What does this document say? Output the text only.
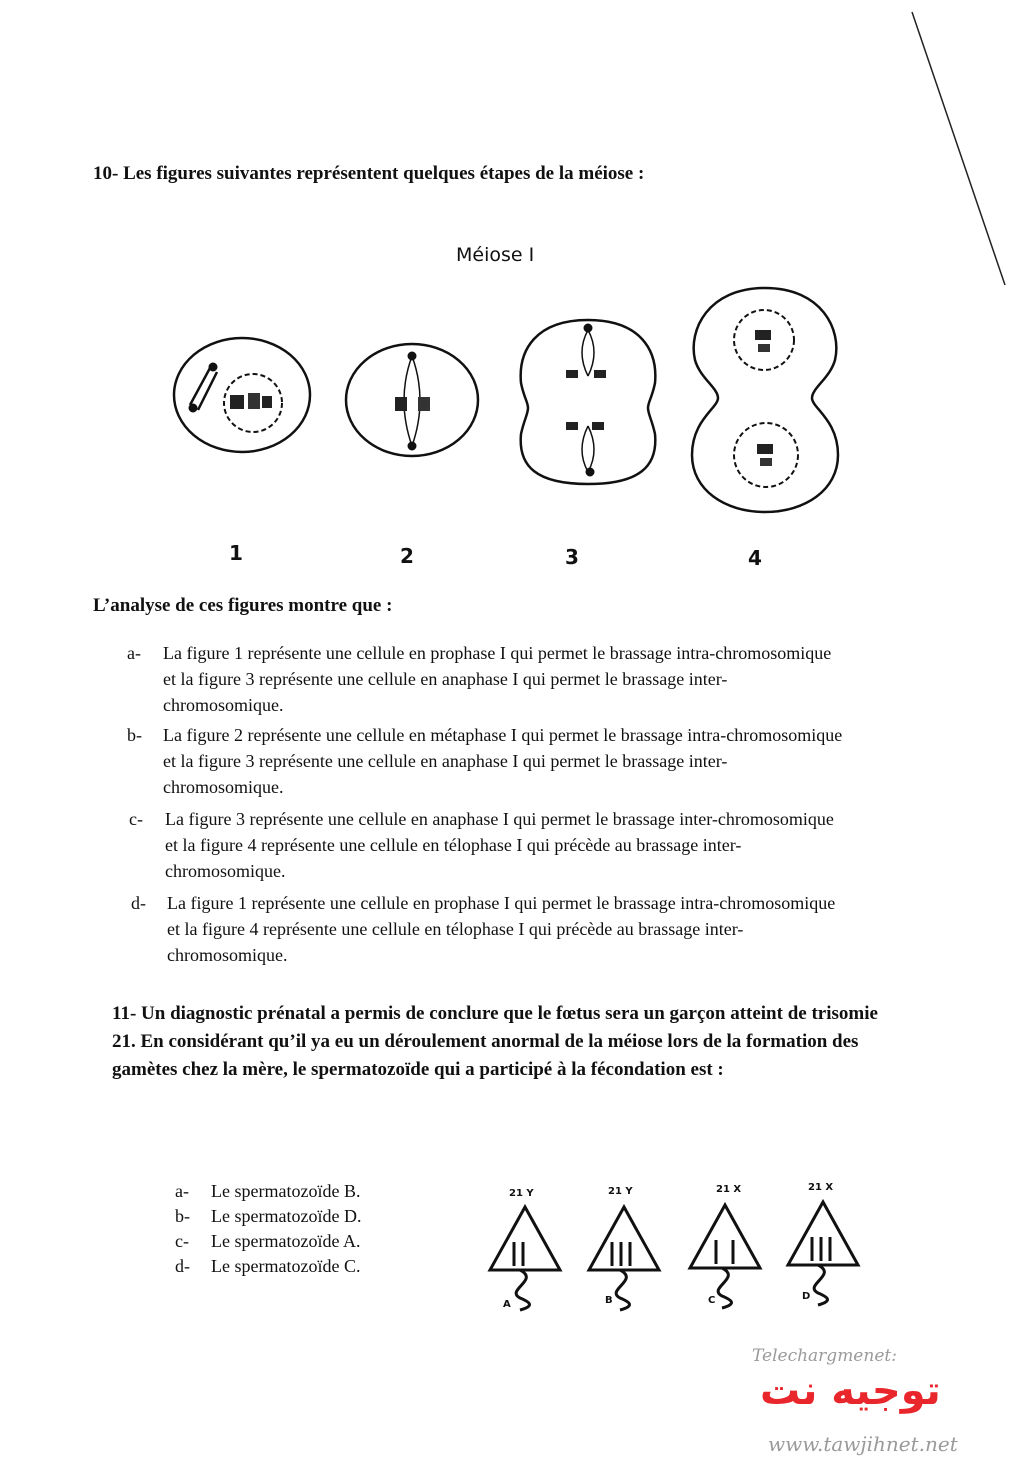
10- Les figures suivantes représentent quelques étapes de la méiose :
Méiose I
1	2	3	4
L’analyse de ces figures montre que :
a- La figure 1 représente une cellule en prophase I qui permet le brassage intra-chromosomique et la figure 3 représente une cellule en anaphase I qui permet le brassage inter-chromosomique.
b- La figure 2 représente une cellule en métaphase I qui permet le brassage intra-chromosomique et la figure 3 représente une cellule en anaphase I qui permet le brassage inter-chromosomique.
c- La figure 3 représente une cellule en anaphase I qui permet le brassage inter-chromosomique et la figure 4 représente une cellule en télophase I qui précède au brassage inter-chromosomique.
d- La figure 1 représente une cellule en prophase I qui permet le brassage intra-chromosomique et la figure 4 représente une cellule en télophase I qui précède au brassage inter-chromosomique.
11- Un diagnostic prénatal a permis de conclure que le fœtus sera un garçon atteint de trisomie 21. En considérant qu’il ya eu un déroulement anormal de la méiose lors de la formation des gamètes chez la mère, le spermatozoïde qui a participé à la fécondation est :
a- Le spermatozoïde B.
b- Le spermatozoïde D.
c- Le spermatozoïde A.
d- Le spermatozoïde C.
21 Y	21 Y	21 X	21 X
A	B	C	D
Telechargmenet:
توجيه نت
www.tawjihnet.net
